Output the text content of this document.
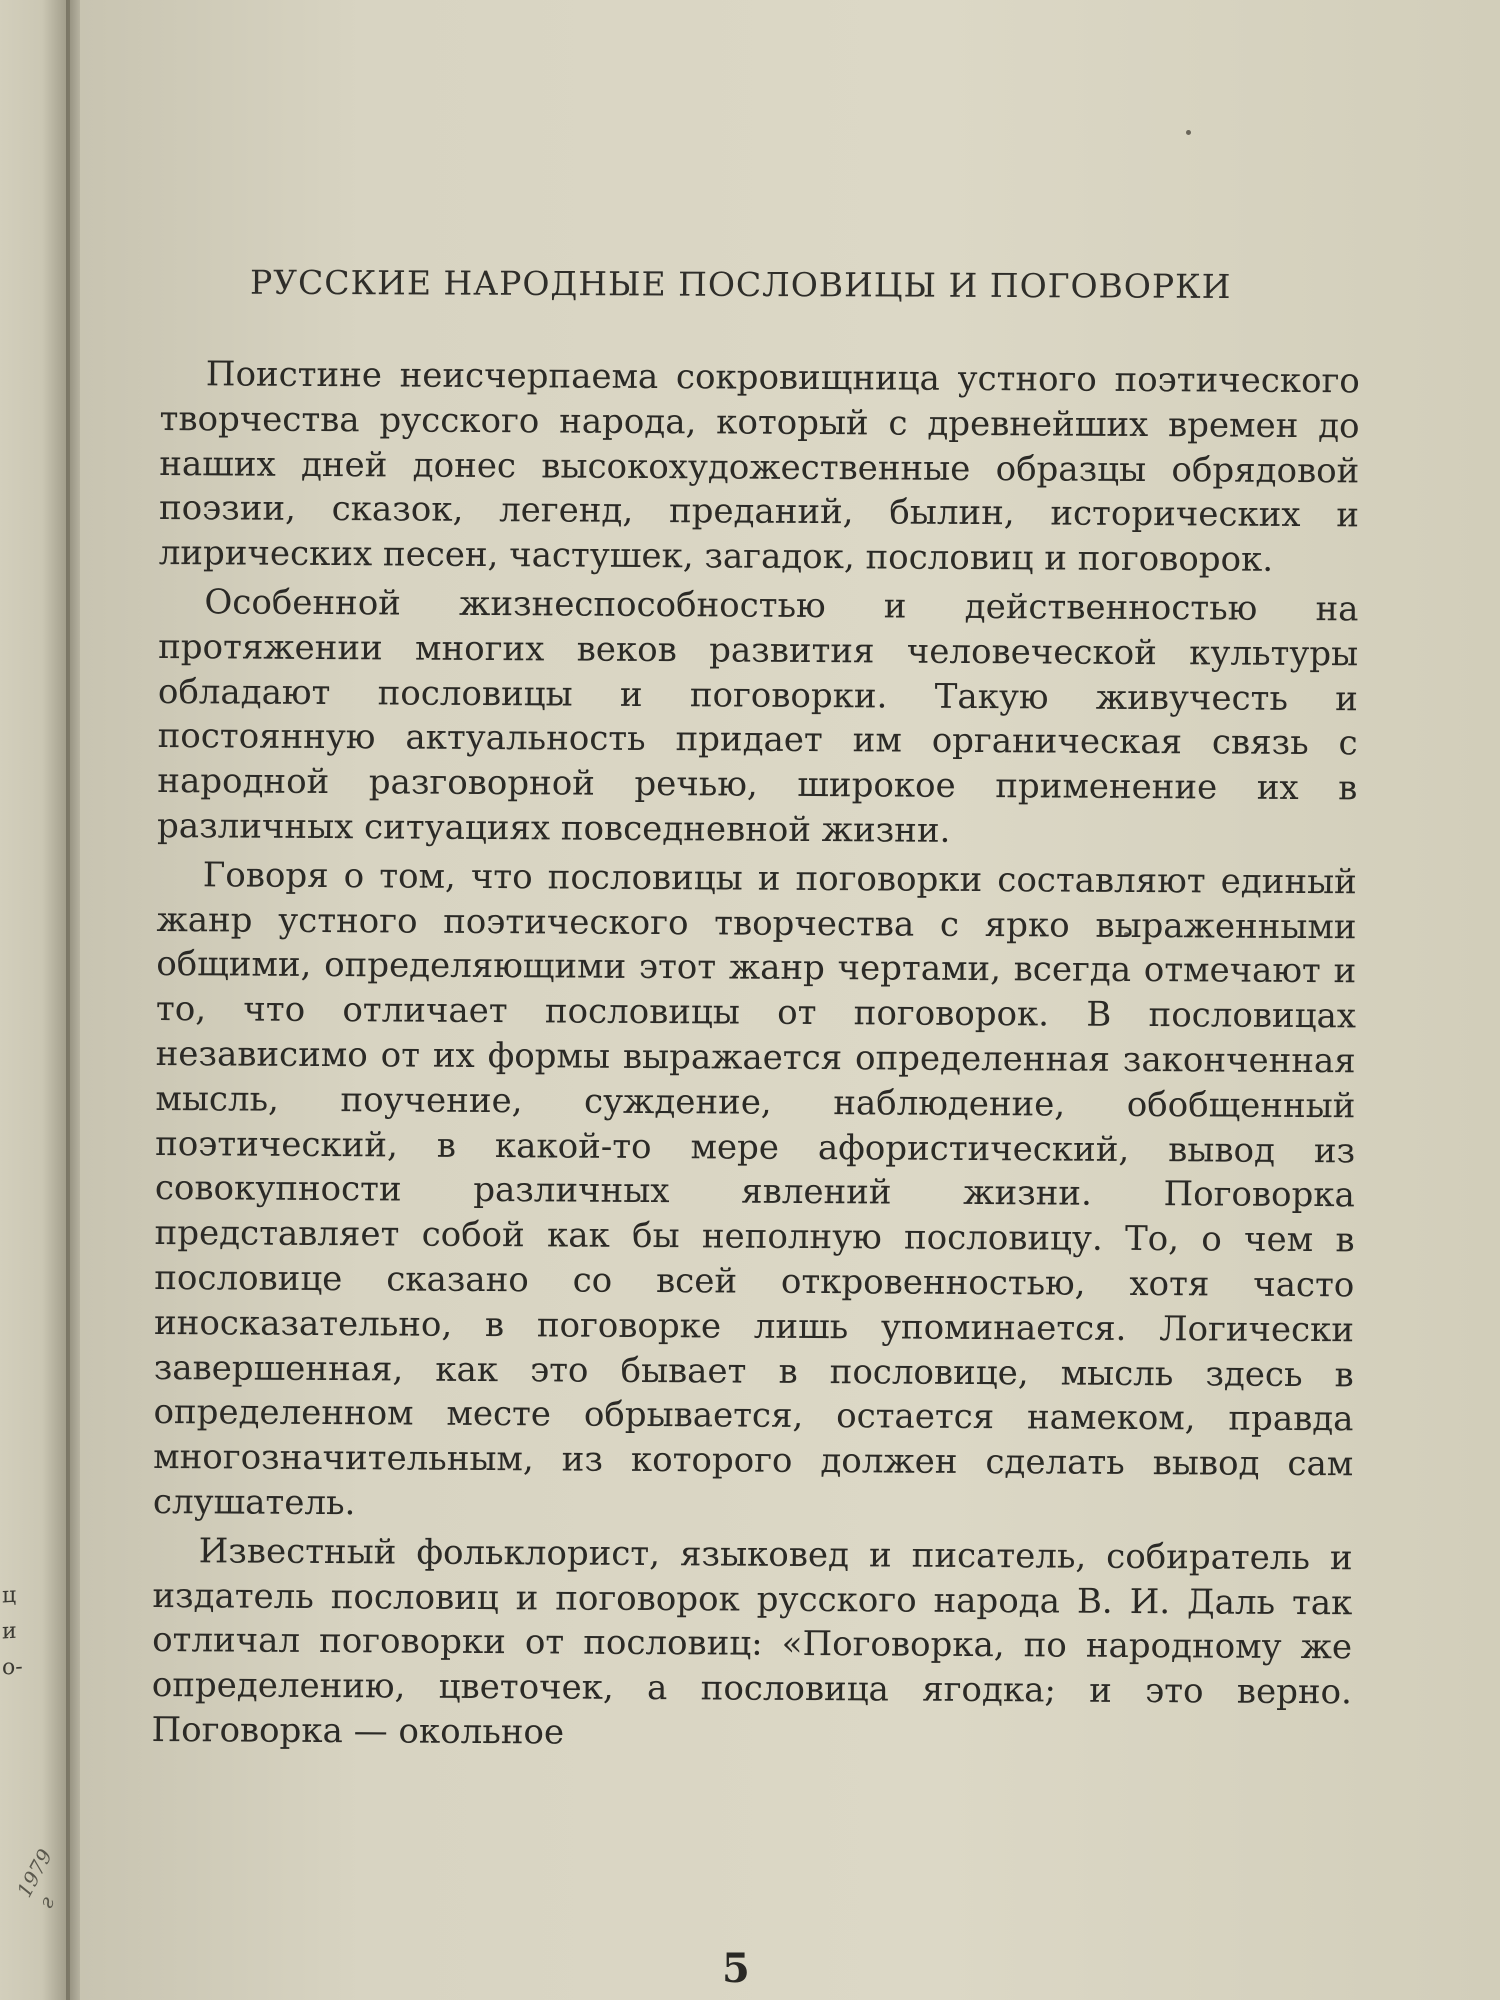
ц
и
о-
1979 г
РУССКИЕ НАРОДНЫЕ ПОСЛОВИЦЫ И ПОГОВОРКИ

Поистине неисчерпаема сокровищница устного поэтического творчества русского народа, который с древнейших времен до наших дней донес высокохудожественные образцы обрядовой поэзии, сказок, легенд, преданий, былин, исторических и лирических песен, частушек, загадок, пословиц и поговорок.

Особенной жизнеспособностью и действенностью на протяжении многих веков развития человеческой культуры обладают пословицы и поговорки. Такую живучесть и постоянную актуальность придает им органическая связь с народной разговорной речью, широкое применение их в различных ситуациях повседневной жизни.

Говоря о том, что пословицы и поговорки составляют единый жанр устного поэтического творчества с ярко выраженными общими, определяющими этот жанр чертами, всегда отмечают и то, что отличает пословицы от поговорок. В пословицах независимо от их формы выражается определенная законченная мысль, поучение, суждение, наблюдение, обобщенный поэтический, в какой-то мере афористический, вывод из совокупности различных явлений жизни. Поговорка представляет собой как бы неполную пословицу. То, о чем в пословице сказано со всей откровенностью, хотя часто иносказательно, в поговорке лишь упоминается. Логически завершенная, как это бывает в пословице, мысль здесь в определенном месте обрывается, остается намеком, правда многозначительным, из которого должен сделать вывод сам слушатель.

Известный фольклорист, языковед и писатель, собиратель и издатель пословиц и поговорок русского народа В. И. Даль так отличал поговорки от пословиц: «Поговорка, по народному же определению, цветочек, а пословица ягодка; и это верно. Поговорка — окольное

5
